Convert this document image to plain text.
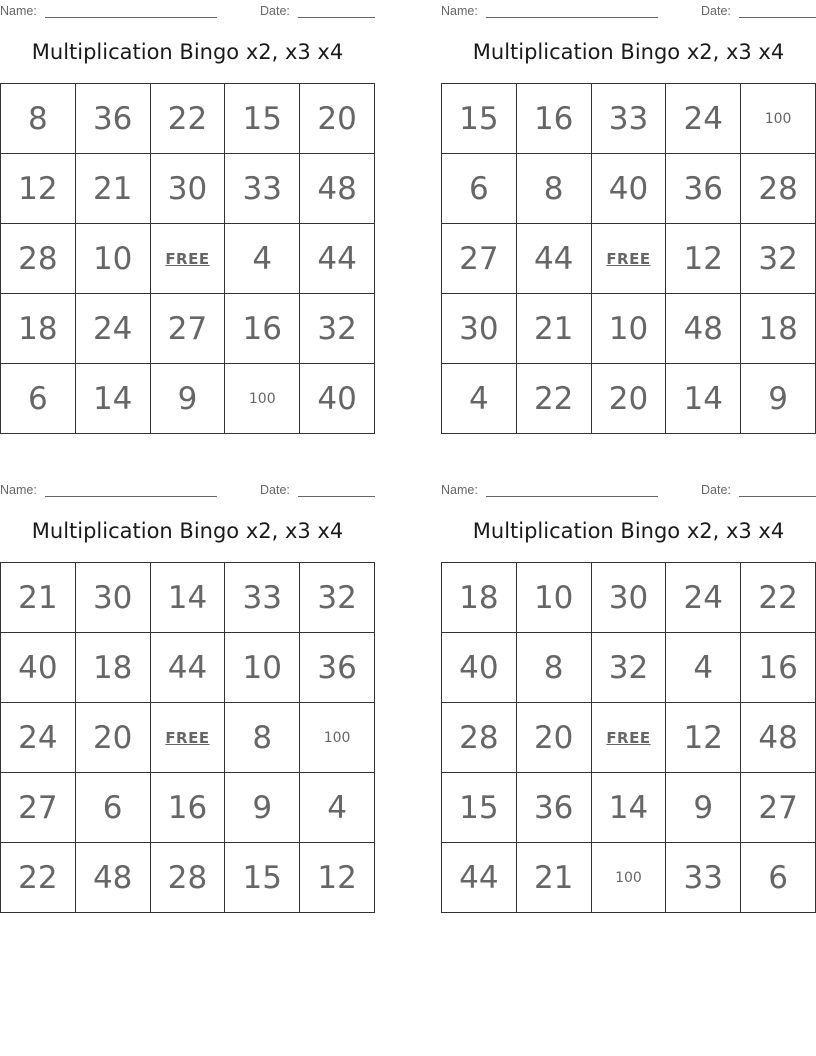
Name:	Date:
Multiplication Bingo x2, x3 x4
8	36	22	15	20
12	21	30	33	48
28	10	FREE	4	44
18	24	27	16	32
6	14	9	100	40
Name:	Date:
Multiplication Bingo x2, x3 x4
15	16	33	24	100
6	8	40	36	28
27	44	FREE	12	32
30	21	10	48	18
4	22	20	14	9
Name:	Date:
Multiplication Bingo x2, x3 x4
21	30	14	33	32
40	18	44	10	36
24	20	FREE	8	100
27	6	16	9	4
22	48	28	15	12
Name:	Date:
Multiplication Bingo x2, x3 x4
18	10	30	24	22
40	8	32	4	16
28	20	FREE	12	48
15	36	14	9	27
44	21	100	33	6
